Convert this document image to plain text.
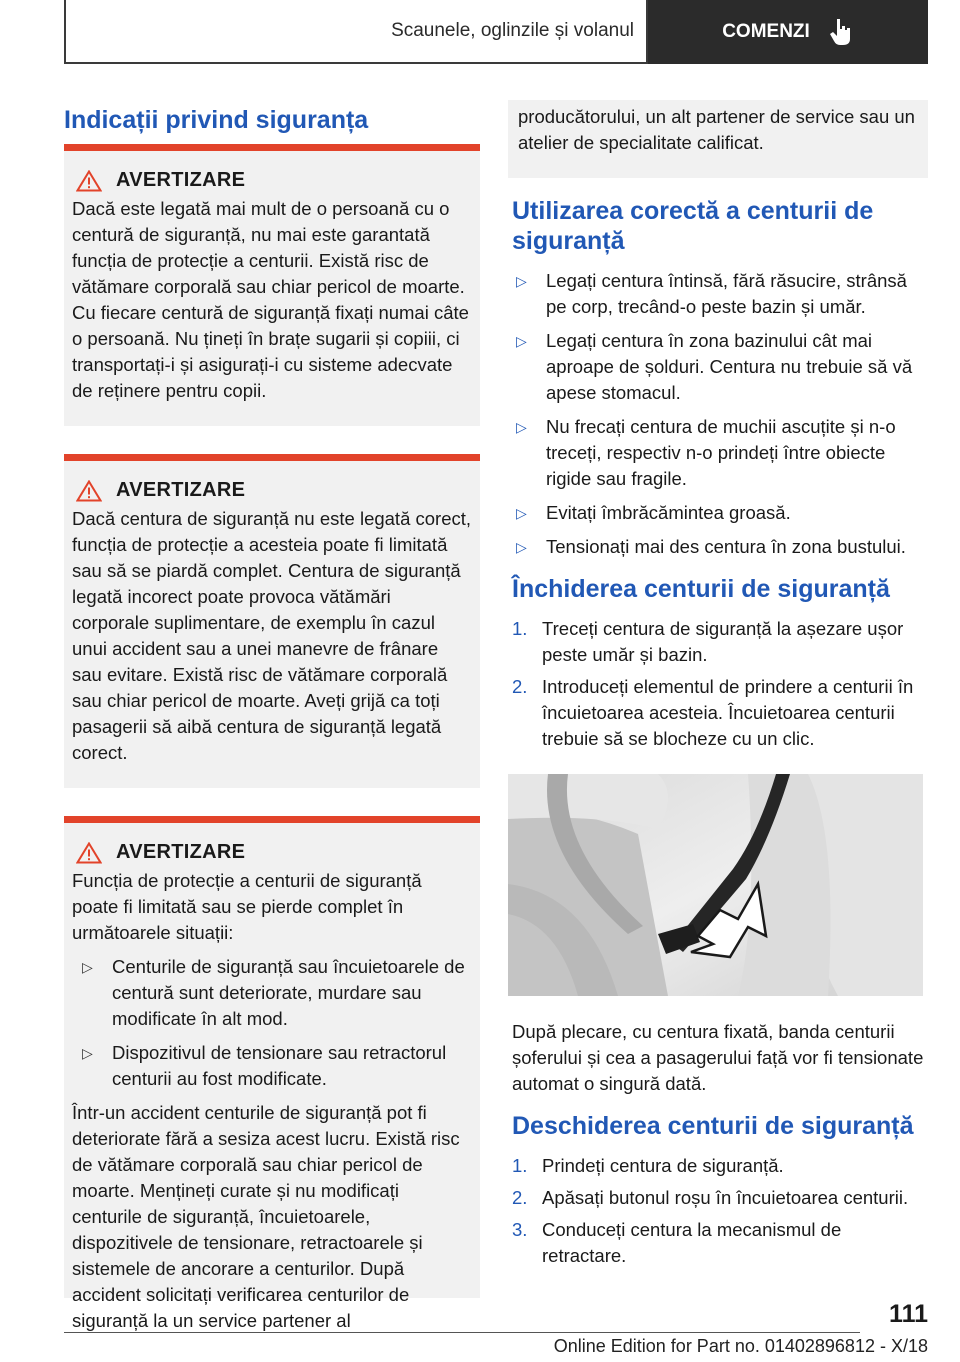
Scaunele, oglinzile și volanul	COMENZI
Indicații privind siguranța
AVERTIZARE

Dacă este legată mai mult de o persoană cu o centură de siguranță, nu mai este garantată funcția de protecție a centurii. Există risc de vătămare corporală sau chiar pericol de moarte. Cu fiecare centură de siguranță fixați numai câte o persoană. Nu țineți în brațe sugarii și copiii, ci transportați-i și asigurați-i cu sisteme adecvate de reținere pentru copii.

AVERTIZARE

Dacă centura de siguranță nu este legată corect, funcția de protecție a acesteia poate fi limitată sau să se piardă complet. Centura de siguranță legată incorect poate provoca vătămări corporale suplimentare, de exemplu în cazul unui accident sau a unei manevre de frânare sau evitare. Există risc de vătămare corporală sau chiar pericol de moarte. Aveți grijă ca toți pasagerii să aibă centura de siguranță legată corect.

AVERTIZARE

Funcția de protecție a centurii de siguranță poate fi limitată sau se pierde complet în următoarele situații:

▷	Centurile de siguranță sau încuietoarele de centură sunt deteriorate, murdare sau modificate în alt mod.
▷	Dispozitivul de tensionare sau retractorul centurii au fost modificate.

Într-un accident centurile de siguranță pot fi deteriorate fără a sesiza acest lucru. Există risc de vătămare corporală sau chiar pericol de moarte. Mențineți curate și nu modificați centurile de siguranță, încuietoarele, dispozitivele de tensionare, retractoarele și sistemele de ancorare a centurilor. După accident solicitați verificarea centurilor de siguranță la un service partener al

producătorului, un alt partener de service sau un atelier de specialitate calificat.
Utilizarea corectă a centurii de siguranță
▷	Legați centura întinsă, fără răsucire, strânsă pe corp, trecând-o peste bazin și umăr.
▷	Legați centura în zona bazinului cât mai aproape de șolduri. Centura nu trebuie să vă apese stomacul.
▷	Nu frecați centura de muchii ascuțite și n-o treceți, respectiv n-o prindeți între obiecte rigide sau fragile.
▷	Evitați îmbrăcămintea groasă.
▷	Tensionați mai des centura în zona bustului.
Închiderea centurii de siguranță
1. Treceți centura de siguranță la așezare ușor peste umăr și bazin.
2. Introduceți elementul de prindere a centurii în încuietoarea acesteia. Încuietoarea centurii trebuie să se blocheze cu un clic.

După plecare, cu centura fixată, banda centurii șoferului și cea a pasagerului față vor fi tensionate automat o singură dată.

Deschiderea centurii de siguranță
1. Prindeți centura de siguranță.
2. Apăsați butonul roșu în încuietoarea centurii.
3. Conduceți centura la mecanismul de retractare.
111
Online Edition for Part no. 01402896812 - X/18
